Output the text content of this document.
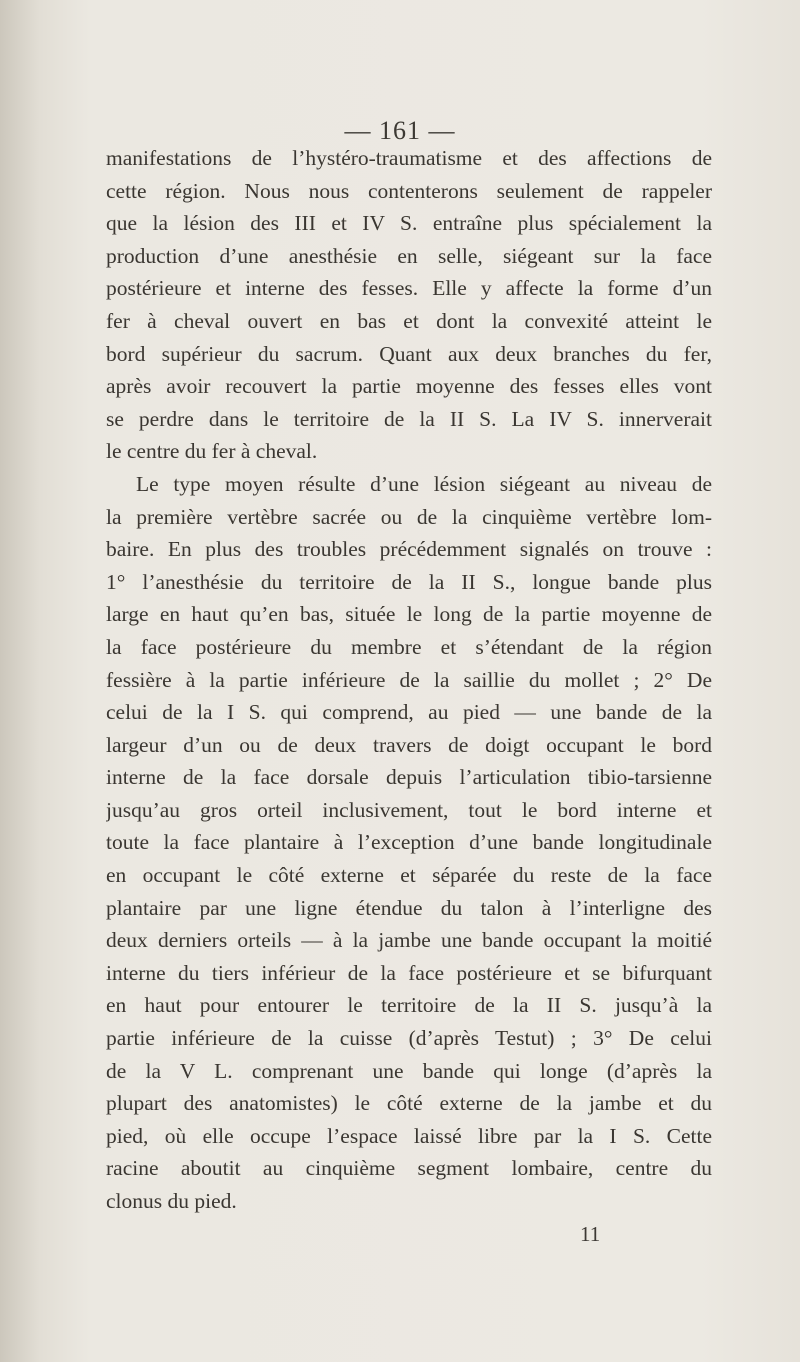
— 161 —
manifestations de l’hystéro-traumatisme et des affections de
cette région. Nous nous contenterons seulement de rappeler
que la lésion des III et IV S. entraîne plus spécialement la
production d’une anesthésie en selle, siégeant sur la face
postérieure et interne des fesses. Elle y affecte la forme d’un
fer à cheval ouvert en bas et dont la convexité atteint le
bord supérieur du sacrum. Quant aux deux branches du fer,
après avoir recouvert la partie moyenne des fesses elles vont
se perdre dans le territoire de la II S. La IV S. innerverait
le centre du fer à cheval.
Le type moyen résulte d’une lésion siégeant au niveau de
la première vertèbre sacrée ou de la cinquième vertèbre lom-
baire. En plus des troubles précédemment signalés on trouve :
1° l’anesthésie du territoire de la II S., longue bande plus
large en haut qu’en bas, située le long de la partie moyenne de
la face postérieure du membre et s’étendant de la région
fessière à la partie inférieure de la saillie du mollet ; 2° De
celui de la I S. qui comprend, au pied — une bande de la
largeur d’un ou de deux travers de doigt occupant le bord
interne de la face dorsale depuis l’articulation tibio-tarsienne
jusqu’au gros orteil inclusivement, tout le bord interne et
toute la face plantaire à l’exception d’une bande longitudinale
en occupant le côté externe et séparée du reste de la face
plantaire par une ligne étendue du talon à l’interligne des
deux derniers orteils — à la jambe une bande occupant la moitié
interne du tiers inférieur de la face postérieure et se bifurquant
en haut pour entourer le territoire de la II S. jusqu’à la
partie inférieure de la cuisse (d’après Testut) ; 3° De celui
de la V L. comprenant une bande qui longe (d’après la
plupart des anatomistes) le côté externe de la jambe et du
pied, où elle occupe l’espace laissé libre par la I S. Cette
racine aboutit au cinquième segment lombaire, centre du
clonus du pied.
11
